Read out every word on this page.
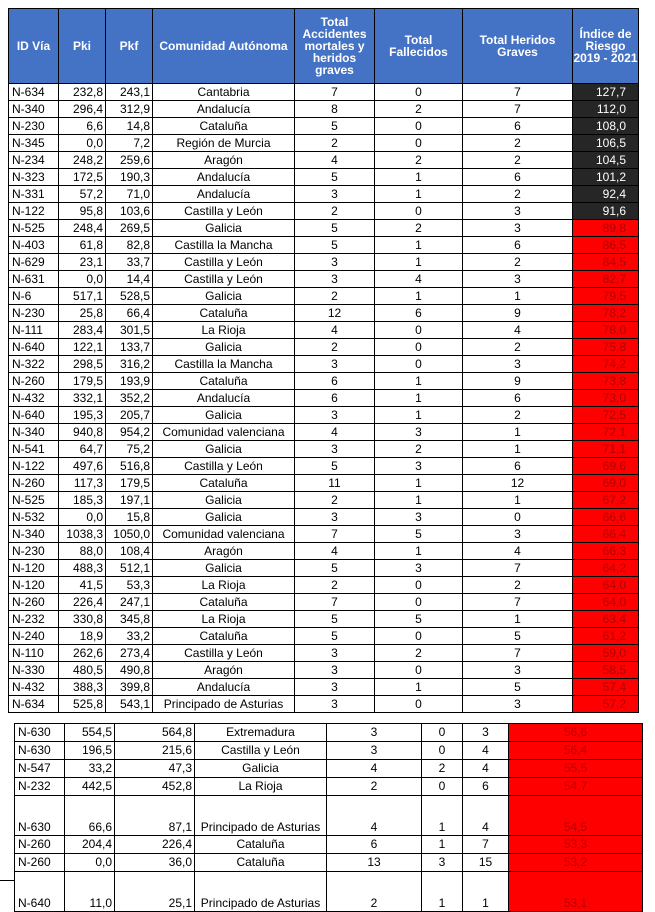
ID Vía	Pki	Pkf	Comunidad Autónoma	Total Accidentes mortales y heridos graves	Total Fallecidos	Total Heridos Graves	Índice de Riesgo 2019 - 2021
N-634	232,8	243,1	Cantabria	7	0	7	127,7
N-340	296,4	312,9	Andalucía	8	2	7	112,0
N-230	6,6	14,8	Cataluña	5	0	6	108,0
N-345	0,0	7,2	Región de Murcia	2	0	2	106,5
N-234	248,2	259,6	Aragón	4	2	2	104,5
N-323	172,5	190,3	Andalucía	5	1	6	101,2
N-331	57,2	71,0	Andalucía	3	1	2	92,4
N-122	95,8	103,6	Castilla y León	2	0	3	91,6
N-525	248,4	269,5	Galicia	5	2	3	89,8
N-403	61,8	82,8	Castilla la Mancha	5	1	6	86,5
N-629	23,1	33,7	Castilla y León	3	1	2	84,5
N-631	0,0	14,4	Castilla y León	3	4	3	82,7
N-6	517,1	528,5	Galicia	2	1	1	79,5
N-230	25,8	66,4	Cataluña	12	6	9	78,2
N-111	283,4	301,5	La Rioja	4	0	4	78,0
N-640	122,1	133,7	Galicia	2	0	2	75,8
N-322	298,5	316,2	Castilla la Mancha	3	0	3	74,2
N-260	179,5	193,9	Cataluña	6	1	9	73,8
N-432	332,1	352,2	Andalucía	6	1	6	73,0
N-640	195,3	205,7	Galicia	3	1	2	72,5
N-340	940,8	954,2	Comunidad valenciana	4	3	1	72,1
N-541	64,7	75,2	Galicia	3	2	1	71,1
N-122	497,6	516,8	Castilla y León	5	3	6	69,6
N-260	117,3	179,5	Cataluña	11	1	12	69,0
N-525	185,3	197,1	Galicia	2	1	1	67,2
N-532	0,0	15,8	Galicia	3	3	0	66,6
N-340	1038,3	1050,0	Comunidad valenciana	7	5	3	66,4
N-230	88,0	108,4	Aragón	4	1	4	66,3
N-120	488,3	512,1	Galicia	5	3	7	64,2
N-120	41,5	53,3	La Rioja	2	0	2	64,0
N-260	226,4	247,1	Cataluña	7	0	7	64,0
N-232	330,8	345,8	La Rioja	5	5	1	63,4
N-240	18,9	33,2	Cataluña	5	0	5	61,2
N-110	262,6	273,4	Castilla y León	3	2	7	59,0
N-330	480,5	490,8	Aragón	3	0	3	58,5
N-432	388,3	399,8	Andalucía	3	1	5	57,4
N-634	525,8	543,1	Principado de Asturias	3	0	3	57,2
N-630	554,5	564,8	Extremadura	3	0	3	56,6
N-630	196,5	215,6	Castilla y León	3	0	4	56,4
N-547	33,2	47,3	Galicia	4	2	4	55,5
N-232	442,5	452,8	La Rioja	2	0	6	54,7
N-630	66,6	87,1	Principado de Asturias	4	1	4	54,5
N-260	204,4	226,4	Cataluña	6	1	7	53,3
N-260	0,0	36,0	Cataluña	13	3	15	53,2
N-640	11,0	25,1	Principado de Asturias	2	1	1	53,1
